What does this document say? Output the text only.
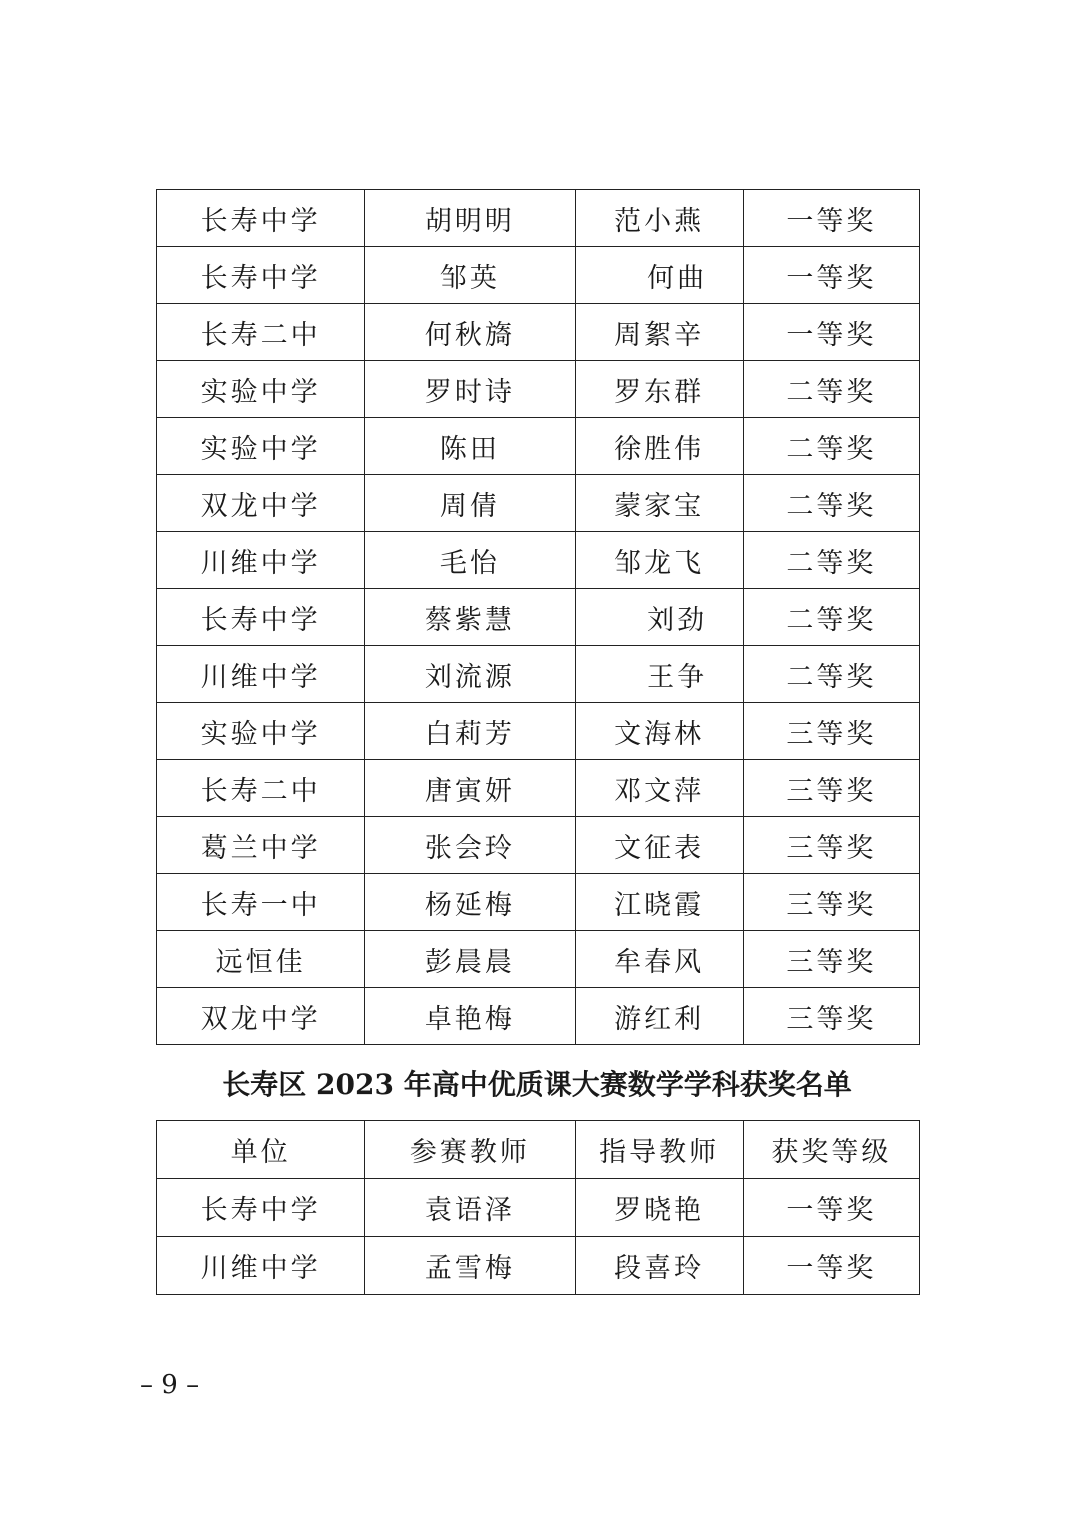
长寿中学	胡明明	范小燕	一等奖
长寿中学	邹英	何曲	一等奖
长寿二中	何秋旖	周絮辛	一等奖
实验中学	罗时诗	罗东群	二等奖
实验中学	陈田	徐胜伟	二等奖
双龙中学	周倩	蒙家宝	二等奖
川维中学	毛怡	邹龙飞	二等奖
长寿中学	蔡紫慧	刘劲	二等奖
川维中学	刘流源	王争	二等奖
实验中学	白莉芳	文海林	三等奖
长寿二中	唐寅妍	邓文萍	三等奖
葛兰中学	张会玲	文征表	三等奖
长寿一中	杨延梅	江晓霞	三等奖
远恒佳	彭晨晨	牟春风	三等奖
双龙中学	卓艳梅	游红利	三等奖
长寿区 2023 年高中优质课大赛数学学科获奖名单
单位	参赛教师	指导教师	获奖等级
长寿中学	袁语泽	罗晓艳	一等奖
川维中学	孟雪梅	段喜玲	一等奖
– 9 –
